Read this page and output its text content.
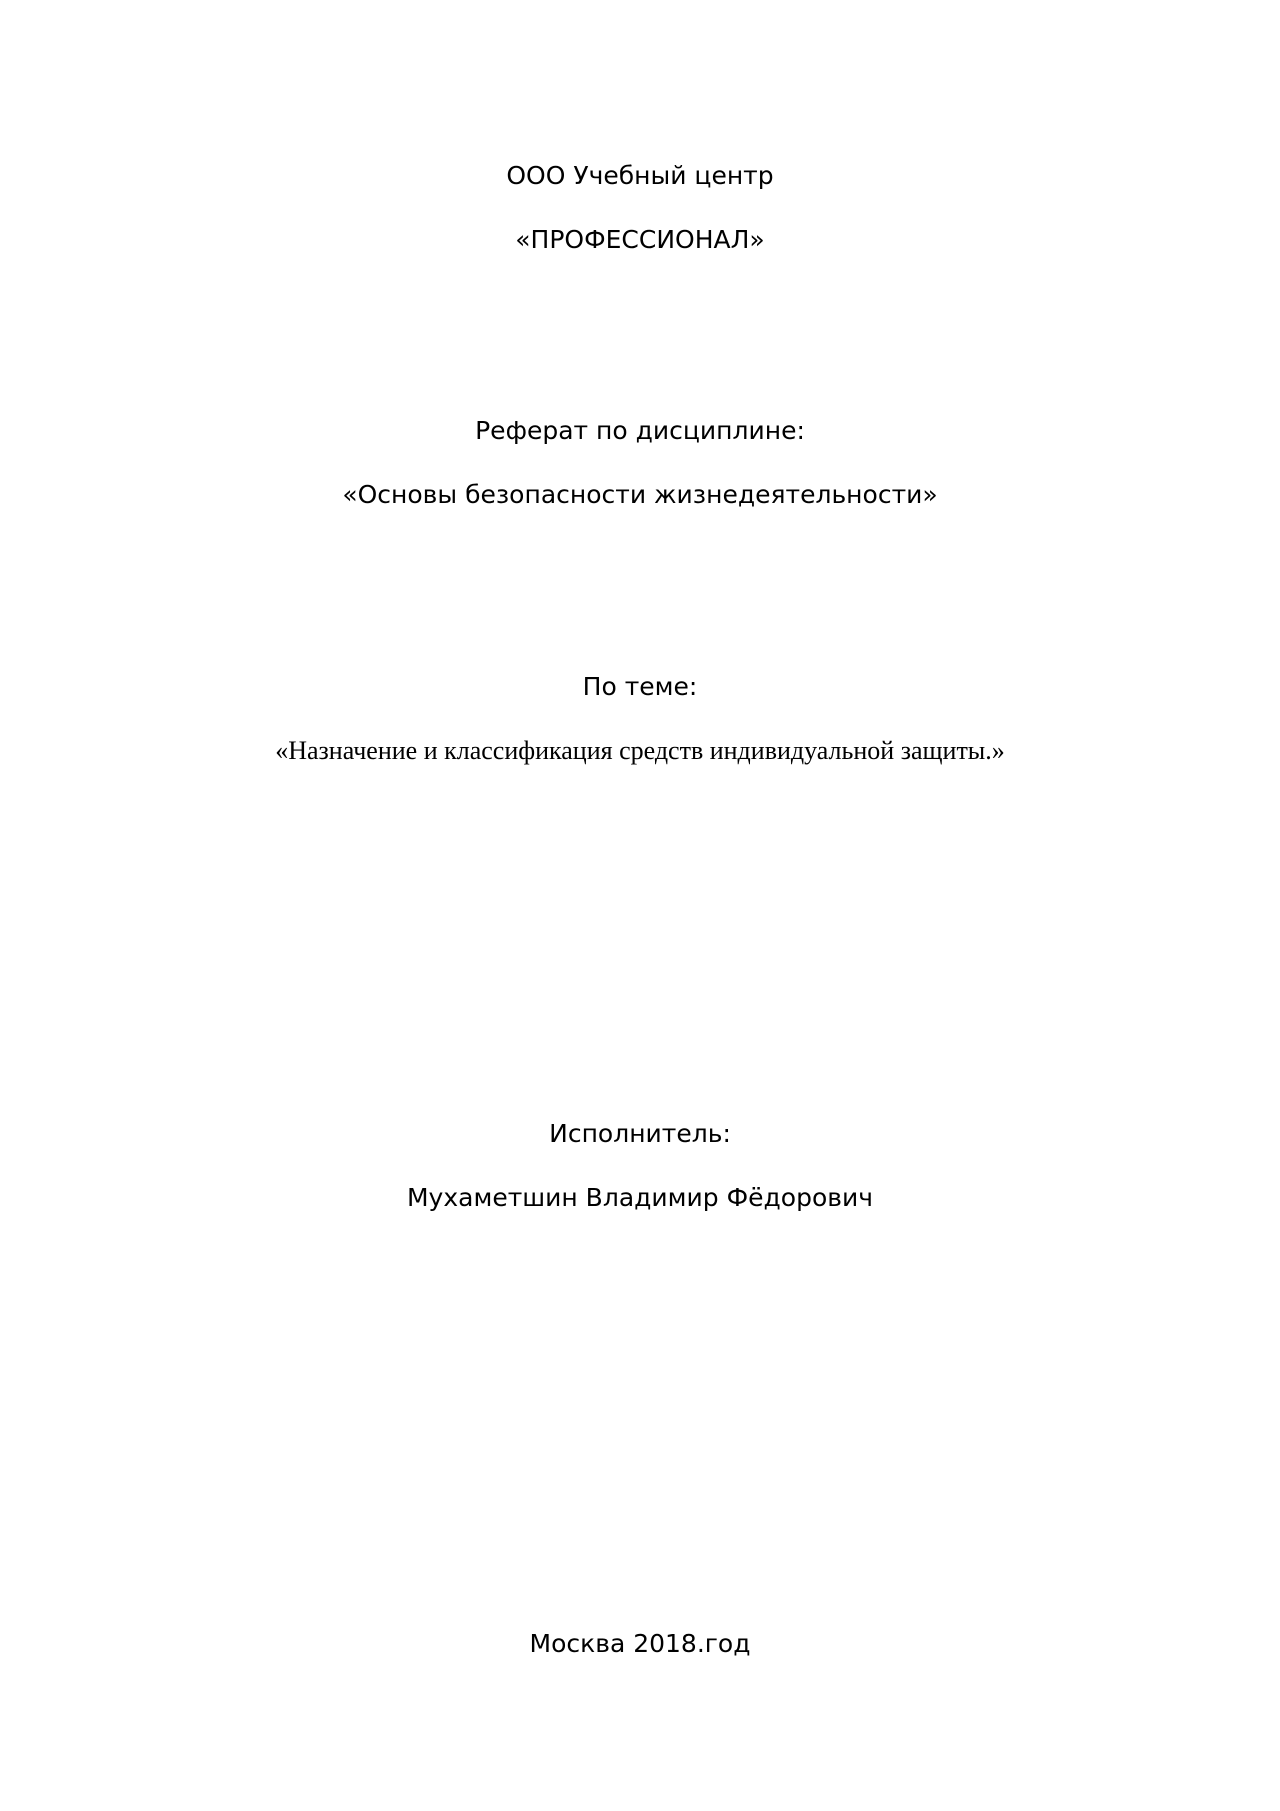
ООО Учебный центр

«ПРОФЕССИОНАЛ»

Реферат по дисциплине:

«Основы безопасности жизнедеятельности»

По теме:

«Назначение и классификация средств индивидуальной защиты.»

Исполнитель:

Мухаметшин Владимир Фёдорович

Москва 2018.год
